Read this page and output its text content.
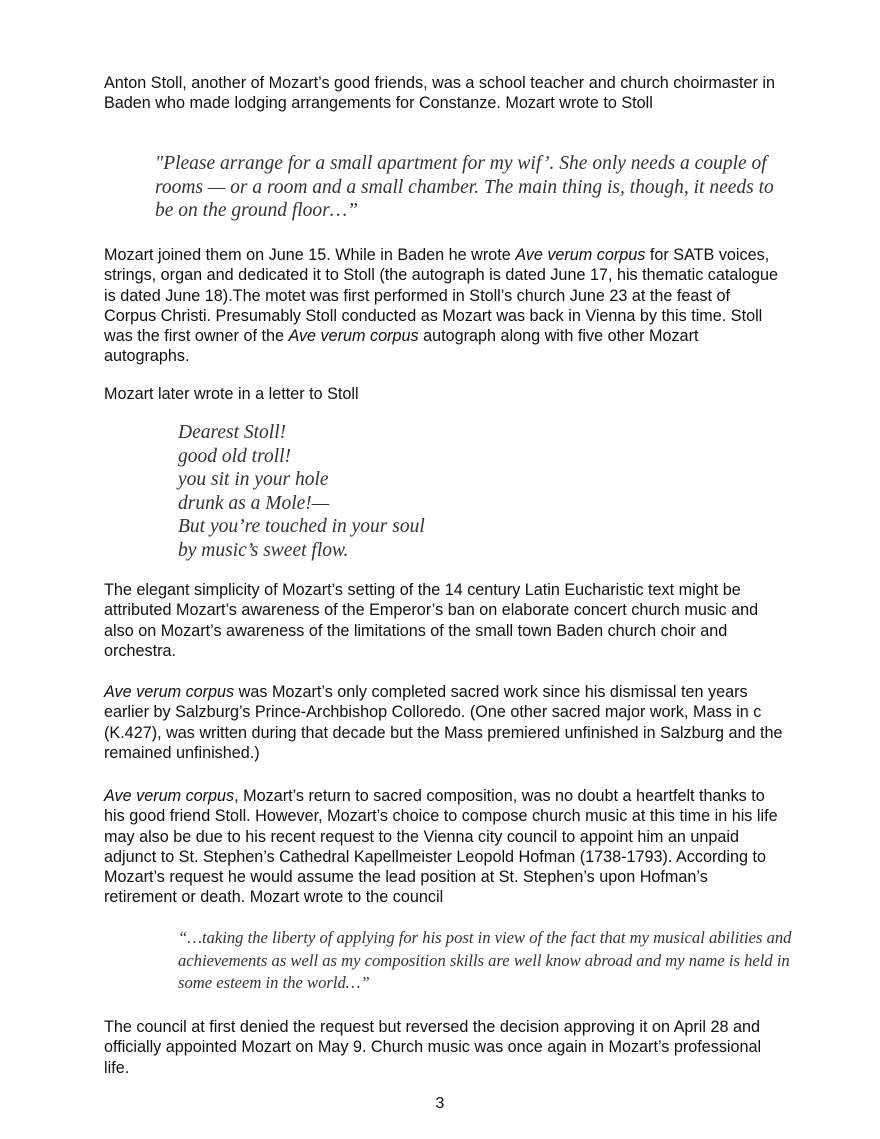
Anton Stoll, another of Mozart’s good friends, was a school teacher and church choirmaster in Baden who made lodging arrangements for Constanze. Mozart wrote to Stoll

"Please arrange for a small apartment for my wif’. She only needs a couple of rooms — or a room and a small chamber. The main thing is, though, it needs to be on the ground floor…”

Mozart joined them on June 15. While in Baden he wrote Ave verum corpus for SATB voices, strings, organ and dedicated it to Stoll (the autograph is dated June 17, his thematic catalogue is dated June 18).The motet was first performed in Stoll’s church June 23 at the feast of Corpus Christi. Presumably Stoll conducted as Mozart was back in Vienna by this time. Stoll was the first owner of the Ave verum corpus autograph along with five other Mozart autographs.

Mozart later wrote in a letter to Stoll

Dearest Stoll!
good old troll!
you sit in your hole
drunk as a Mole!—
But you’re touched in your soul
by music’s sweet flow.

The elegant simplicity of Mozart’s setting of the 14 century Latin Eucharistic text might be attributed Mozart’s awareness of the Emperor’s ban on elaborate concert church music and also on Mozart’s awareness of the limitations of the small town Baden church choir and orchestra.

Ave verum corpus was Mozart’s only completed sacred work since his dismissal ten years earlier by Salzburg’s Prince-Archbishop Colloredo. (One other sacred major work, Mass in c (K.427), was written during that decade but the Mass premiered unfinished in Salzburg and the remained unfinished.)

Ave verum corpus, Mozart’s return to sacred composition, was no doubt a heartfelt thanks to his good friend Stoll. However, Mozart’s choice to compose church music at this time in his life may also be due to his recent request to the Vienna city council to appoint him an unpaid adjunct to St. Stephen’s Cathedral Kapellmeister Leopold Hofman (1738-1793). According to Mozart’s request he would assume the lead position at St. Stephen’s upon Hofman’s retirement or death. Mozart wrote to the council

“…taking the liberty of applying for his post in view of the fact that my musical abilities and achievements as well as my composition skills are well know abroad and my name is held in some esteem in the world…”

The council at first denied the request but reversed the decision approving it on April 28 and officially appointed Mozart on May 9. Church music was once again in Mozart’s professional life.

3
